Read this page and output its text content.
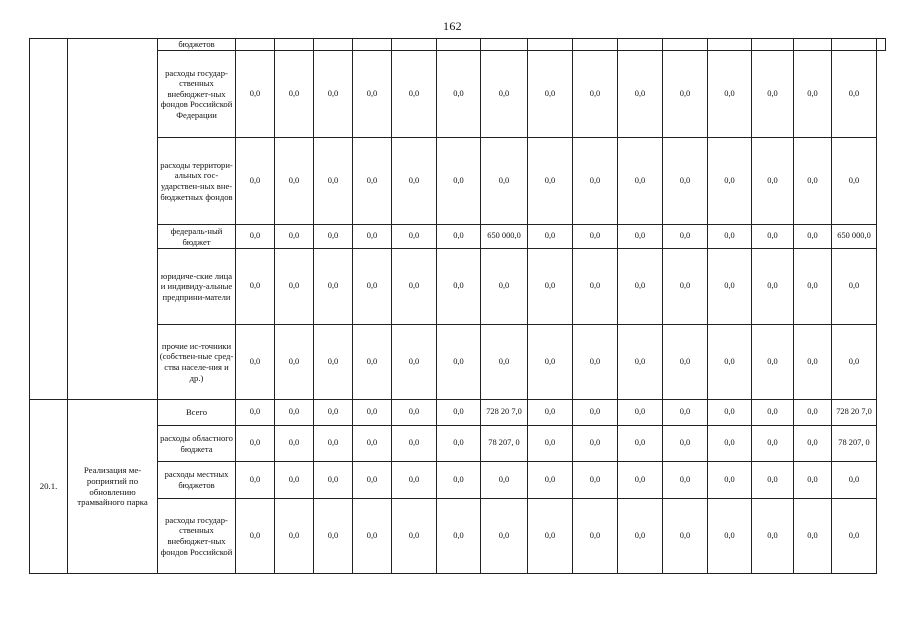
162
		бюджетов	

		расходы государ-ственных внебюджет-ных фондов Российской Федерации	0,0	0,0	0,0	0,0	0,0	0,0	0,0	0,0	0,0	0,0	0,0	0,0	0,0	0,0	0,0	

		расходы территори-альных гос-ударствен-ных вне-бюджетных фондов	0,0	0,0	0,0	0,0	0,0	0,0	0,0	0,0	0,0	0,0	0,0	0,0	0,0	0,0	0,0	

		федераль-ный бюджет	0,0	0,0	0,0	0,0	0,0	0,0	650 000,0	0,0	0,0	0,0	0,0	0,0	0,0	0,0	650 000,0	

		юридиче-ские лица и индивиду-альные предприни-матели	0,0	0,0	0,0	0,0	0,0	0,0	0,0	0,0	0,0	0,0	0,0	0,0	0,0	0,0	0,0	

		прочие ис-точники (собствен-ные сред-ства населе-ния и др.)	0,0	0,0	0,0	0,0	0,0	0,0	0,0	0,0	0,0	0,0	0,0	0,0	0,0	0,0	0,0	

20.1.	Реализация ме-роприятий по обновлению трамвайного парка	Всего	0,0	0,0	0,0	0,0	0,0	0,0	728 20 7,0	0,0	0,0	0,0	0,0	0,0	0,0	0,0	728 20 7,0	

		расходы областного бюджета	0,0	0,0	0,0	0,0	0,0	0,0	78 207, 0	0,0	0,0	0,0	0,0	0,0	0,0	0,0	78 207, 0	

		расходы местных бюджетов	0,0	0,0	0,0	0,0	0,0	0,0	0,0	0,0	0,0	0,0	0,0	0,0	0,0	0,0	0,0	

		расходы государ-ственных внебюджет-ных фондов Российской	0,0	0,0	0,0	0,0	0,0	0,0	0,0	0,0	0,0	0,0	0,0	0,0	0,0	0,0	0,0	
